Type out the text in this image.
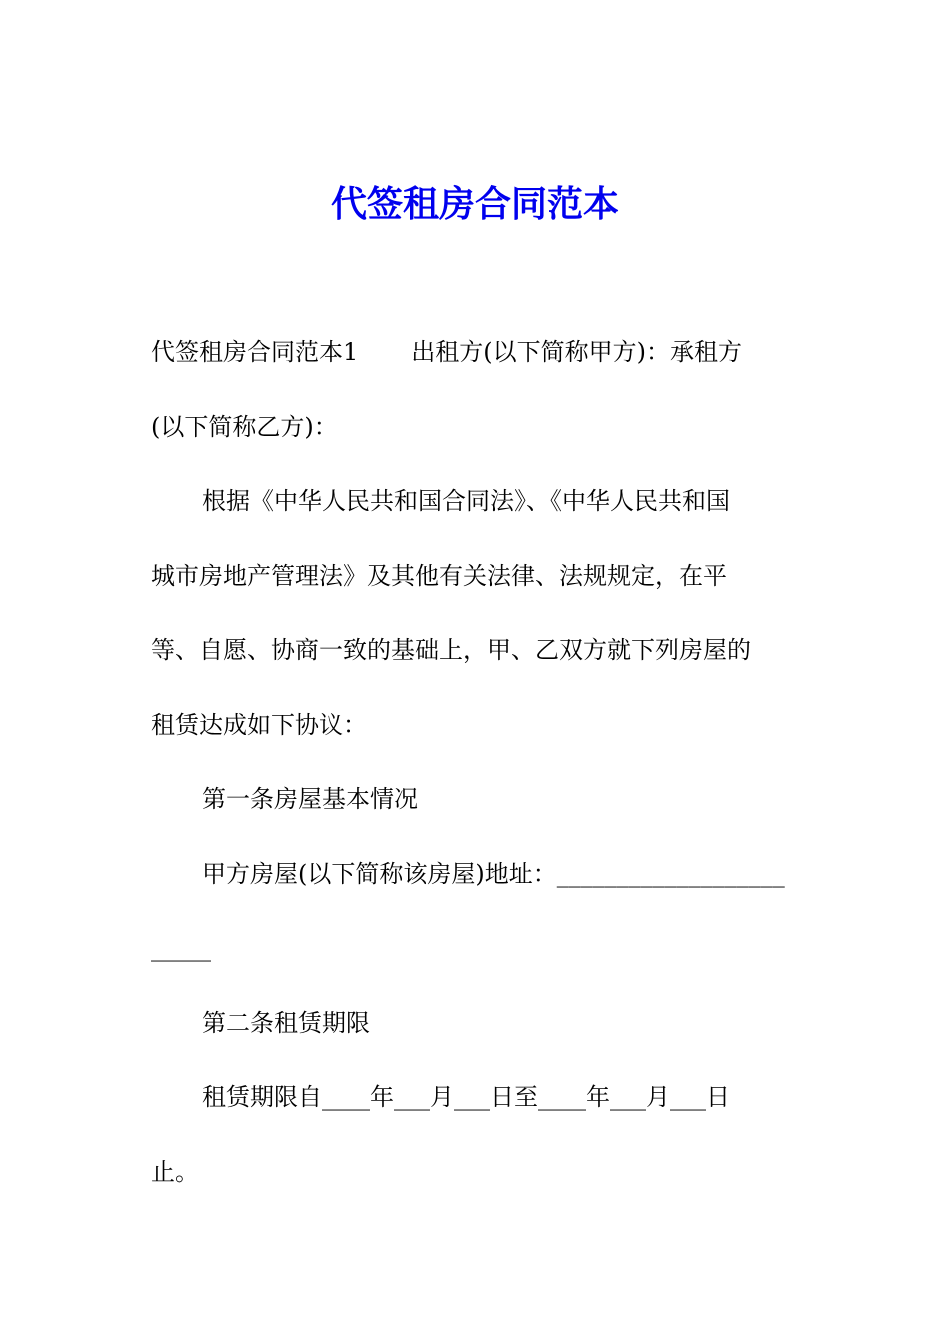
代签租房合同范本

代签租房合同范本1 出租方(以下简称甲方)：承租方

(以下简称乙方)：

根据《中华人民共和国合同法》、《中华人民共和国

城市房地产管理法》及其他有关法律、法规规定，在平

等、自愿、协商一致的基础上，甲、乙双方就下列房屋的

租赁达成如下协议：

第一条房屋基本情况

甲方房屋(以下简称该房屋)地址：___________________

_____

第二条租赁期限

租赁期限自____年___月___日至____年___月___日

止。
